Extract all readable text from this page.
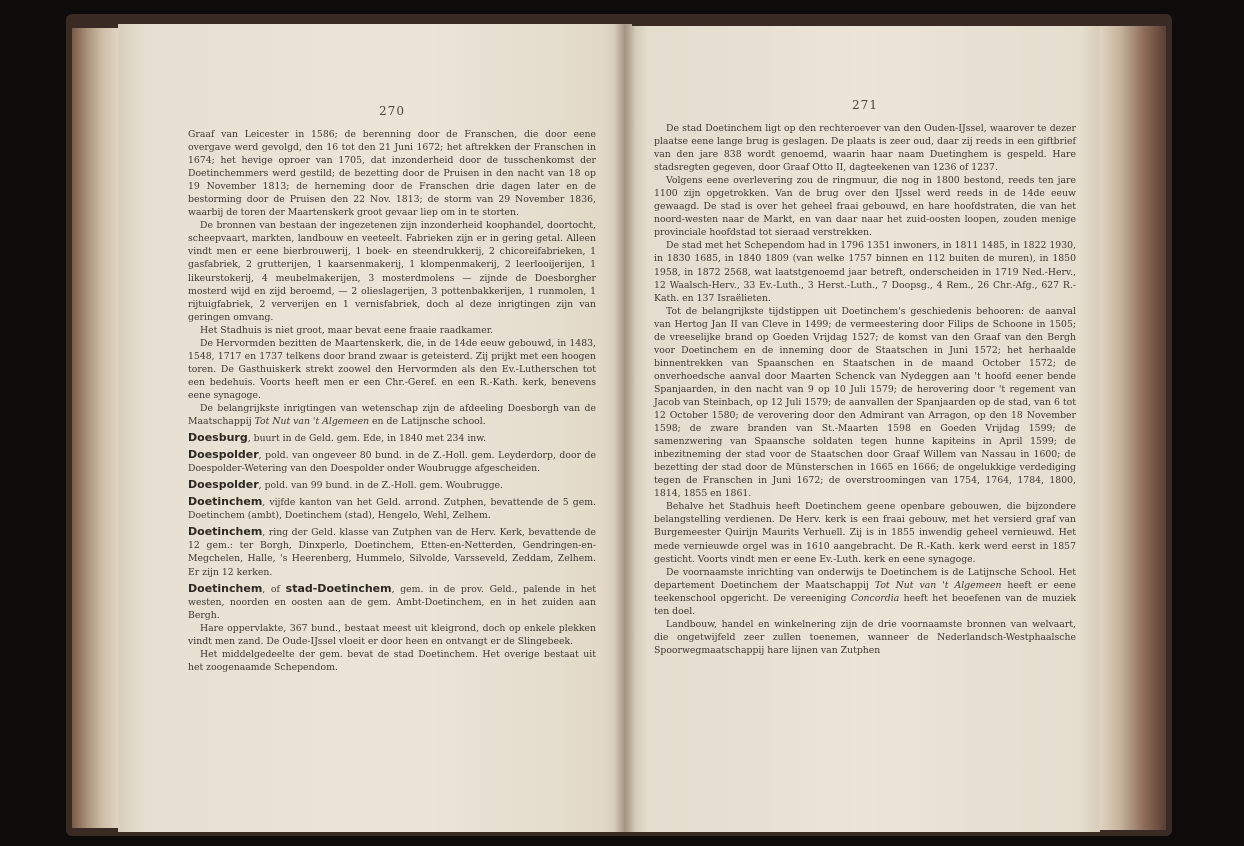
270

Graaf van Leicester in 1586; de berenning door de Franschen, die door eene overgave werd gevolgd, den 16 tot den 21 Juni 1672; het aftrekken der Franschen in 1674; het hevige oproer van 1705, dat inzonderheid door de tusschenkomst der Doetinchemmers werd gestild; de bezetting door de Pruisen in den nacht van 18 op 19 November 1813; de herneming door de Franschen drie dagen later en de bestorming door de Pruisen den 22 Nov. 1813; de storm van 29 November 1836, waarbij de toren der Maartenskerk groot gevaar liep om in te storten.

De bronnen van bestaan der ingezetenen zijn inzonderheid koophandel, doortocht, scheepvaart, markten, landbouw en veeteelt. Fabrieken zijn er in gering getal. Alleen vindt men er eene bierbrouwerij, 1 boek- en steendrukkerij, 2 chicoreifabrieken, 1 gasfabriek, 2 grutterijen, 1 kaarsenmakerij, 1 klompenmakerij, 2 leerlooijerijen, 1 likeurstokerij, 4 meubelmakerijen, 3 mosterdmolens — zijnde de Doesborgher mosterd wijd en zijd beroemd, — 2 olieslagerijen, 3 pottenbakkerijen, 1 runmolen, 1 rijtuigfabriek, 2 ververijen en 1 vernisfabriek, doch al deze inrigtingen zijn van geringen omvang.

Het Stadhuis is niet groot, maar bevat eene fraaie raadkamer.

De Hervormden bezitten de Maartenskerk, die, in de 14de eeuw gebouwd, in 1483, 1548, 1717 en 1737 telkens door brand zwaar is geteisterd. Zij prijkt met een hoogen toren. De Gasthuiskerk strekt zoowel den Hervormden als den Ev.-Lutherschen tot een bedehuis. Voorts heeft men er een Chr.-Geref. en een R.-Kath. kerk, benevens eene synagoge.

De belangrijkste inrigtingen van wetenschap zijn de afdeeling Doesborgh van de Maatschappij Tot Nut van 't Algemeen en de Latijnsche school.

Doesburg, buurt in de Geld. gem. Ede, in 1840 met 234 inw.

Doespolder, pold. van ongeveer 80 bund. in de Z.-Holl. gem. Leyderdorp, door de Doespolder-Wetering van den Doespolder onder Woubrugge afgescheiden.

Doespolder, pold. van 99 bund. in de Z.-Holl. gem. Woubrugge.

Doetinchem, vijfde kanton van het Geld. arrond. Zutphen, bevattende de 5 gem. Doetinchem (ambt), Doetinchem (stad), Hengelo, Wehl, Zelhem.

Doetinchem, ring der Geld. klasse van Zutphen van de Herv. Kerk, bevattende de 12 gem.: ter Borgh, Dinxperlo, Doetinchem, Etten-en-Netterden, Gendringen-en-Megchelen, Halle, 's Heerenberg, Hummelo, Silvolde, Varsseveld, Zeddam, Zelhem. Er zijn 12 kerken.

Doetinchem, of stad-Doetinchem, gem. in de prov. Geld., palende in het westen, noorden en oosten aan de gem. Ambt-Doetinchem, en in het zuiden aan Bergh.

Hare oppervlakte, 367 bund., bestaat meest uit kleigrond, doch op enkele plekken vindt men zand. De Oude-IJssel vloeit er door heen en ontvangt er de Slingebeek.

Het middelgedeelte der gem. bevat de stad Doetinchem. Het overige bestaat uit het zoogenaamde Schependom.

271

De stad Doetinchem ligt op den rechteroever van den Ouden-IJssel, waarover te dezer plaatse eene lange brug is geslagen. De plaats is zeer oud, daar zij reeds in een giftbrief van den jare 838 wordt genoemd, waarin haar naam Duetinghem is gespeld. Hare stadsregten gegeven, door Graaf Otto II, dagteekenen van 1236 of 1237.

Volgens eene overlevering zou de ringmuur, die nog in 1800 bestond, reeds ten jare 1100 zijn opgetrokken. Van de brug over den IJssel werd reeds in de 14de eeuw gewaagd. De stad is over het geheel fraai gebouwd, en hare hoofdstraten, die van het noord-westen naar de Markt, en van daar naar het zuid-oosten loopen, zouden menige provinciale hoofdstad tot sieraad verstrekken.

De stad met het Schependom had in 1796 1351 inwoners, in 1811 1485, in 1822 1930, in 1830 1685, in 1840 1809 (van welke 1757 binnen en 112 buiten de muren), in 1850 1958, in 1872 2568, wat laatstgenoemd jaar betreft, onderscheiden in 1719 Ned.-Herv., 12 Waalsch-Herv., 33 Ev.-Luth., 3 Herst.-Luth., 7 Doopsg., 4 Rem., 26 Chr.-Afg., 627 R.-Kath. en 137 Israëlieten.

Tot de belangrijkste tijdstippen uit Doetinchem's geschiedenis behooren: de aanval van Hertog Jan II van Cleve in 1499; de vermeestering door Filips de Schoone in 1505; de vreeselijke brand op Goeden Vrijdag 1527; de komst van den Graaf van den Bergh voor Doetinchem en de inneming door de Staatschen in Juni 1572; het herhaalde binnentrekken van Spaanschen en Staatschen in de maand October 1572; de onverhoedsche aanval door Maarten Schenck van Nydeggen aan 't hoofd eener bende Spanjaarden, in den nacht van 9 op 10 Juli 1579; de herovering door 't regement van Jacob van Steinbach, op 12 Juli 1579; de aanvallen der Spanjaarden op de stad, van 6 tot 12 October 1580; de verovering door den Admirant van Arragon, op den 18 November 1598; de zware branden van St.-Maarten 1598 en Goeden Vrijdag 1599; de samenzwering van Spaansche soldaten tegen hunne kapiteins in April 1599; de inbezitneming der stad voor de Staatschen door Graaf Willem van Nassau in 1600; de bezetting der stad door de Münsterschen in 1665 en 1666; de ongelukkige verdediging tegen de Franschen in Juni 1672; de overstroomingen van 1754, 1764, 1784, 1800, 1814, 1855 en 1861.

Behalve het Stadhuis heeft Doetinchem geene openbare gebouwen, die bijzondere belangstelling verdienen. De Herv. kerk is een fraai gebouw, met het versierd graf van Burgemeester Quirijn Maurits Verhuell. Zij is in 1855 inwendig geheel vernieuwd. Het mede vernieuwde orgel was in 1610 aangebracht. De R.-Kath. kerk werd eerst in 1857 gesticht. Voorts vindt men er eene Ev.-Luth. kerk en eene synagoge.

De voornaamste inrichting van onderwijs te Doetinchem is de Latijnsche School. Het departement Doetinchem der Maatschappij Tot Nut van 't Algemeen heeft er eene teekenschool opgericht. De vereeniging Concordia heeft het beoefenen van de muziek ten doel.

Landbouw, handel en winkelnering zijn de drie voornaamste bronnen van welvaart, die ongetwijfeld zeer zullen toenemen, wanneer de Nederlandsch-Westphaalsche Spoorwegmaatschappij hare lijnen van Zutphen
